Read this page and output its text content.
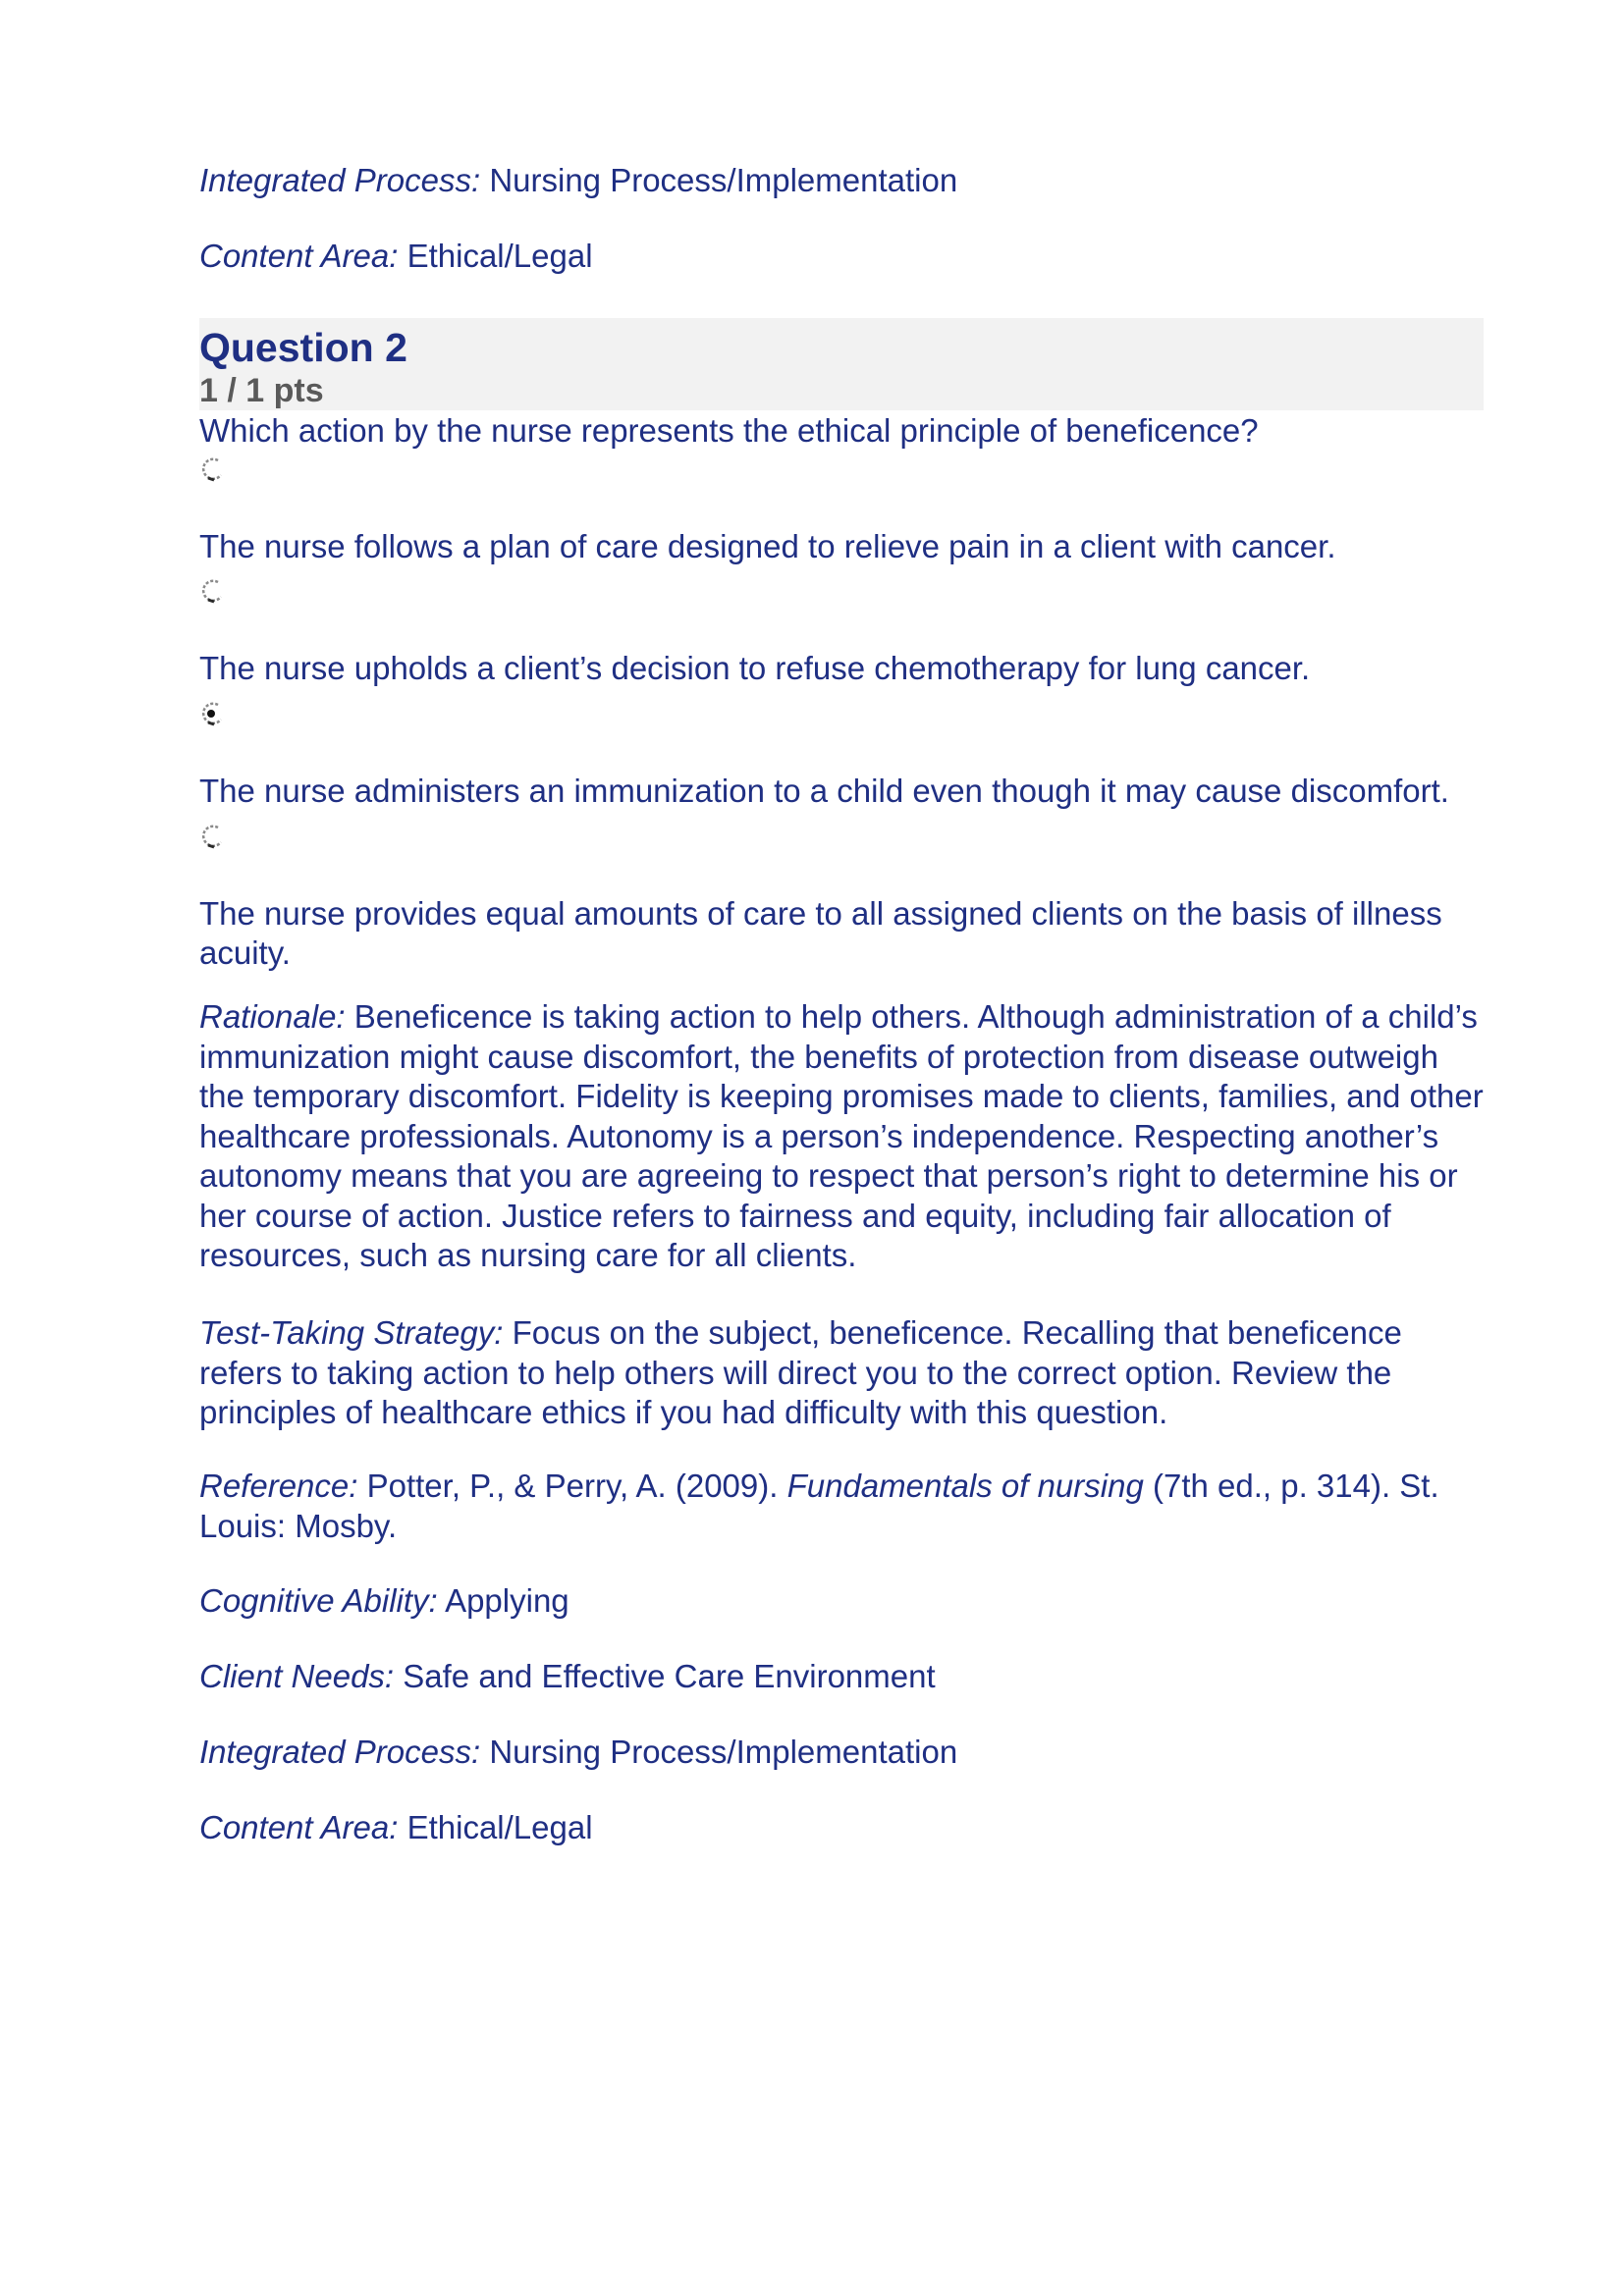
Integrated Process: Nursing Process/Implementation
Content Area: Ethical/Legal
Question 2
1 / 1 pts
Which action by the nurse represents the ethical principle of beneficence?
The nurse follows a plan of care designed to relieve pain in a client with cancer.
The nurse upholds a client’s decision to refuse chemotherapy for lung cancer.
The nurse administers an immunization to a child even though it may cause discomfort.
The nurse provides equal amounts of care to all assigned clients on the basis of illness acuity.
Rationale: Beneficence is taking action to help others. Although administration of a child’s immunization might cause discomfort, the benefits of protection from disease outweigh the temporary discomfort. Fidelity is keeping promises made to clients, families, and other healthcare professionals. Autonomy is a person’s independence. Respecting another’s autonomy means that you are agreeing to respect that person’s right to determine his or her course of action. Justice refers to fairness and equity, including fair allocation of resources, such as nursing care for all clients.
Test-Taking Strategy: Focus on the subject, beneficence. Recalling that beneficence refers to taking action to help others will direct you to the correct option. Review the principles of healthcare ethics if you had difficulty with this question.
Reference: Potter, P., & Perry, A. (2009). Fundamentals of nursing (7th ed., p. 314). St. Louis: Mosby.
Cognitive Ability: Applying
Client Needs: Safe and Effective Care Environment
Integrated Process: Nursing Process/Implementation
Content Area: Ethical/Legal
